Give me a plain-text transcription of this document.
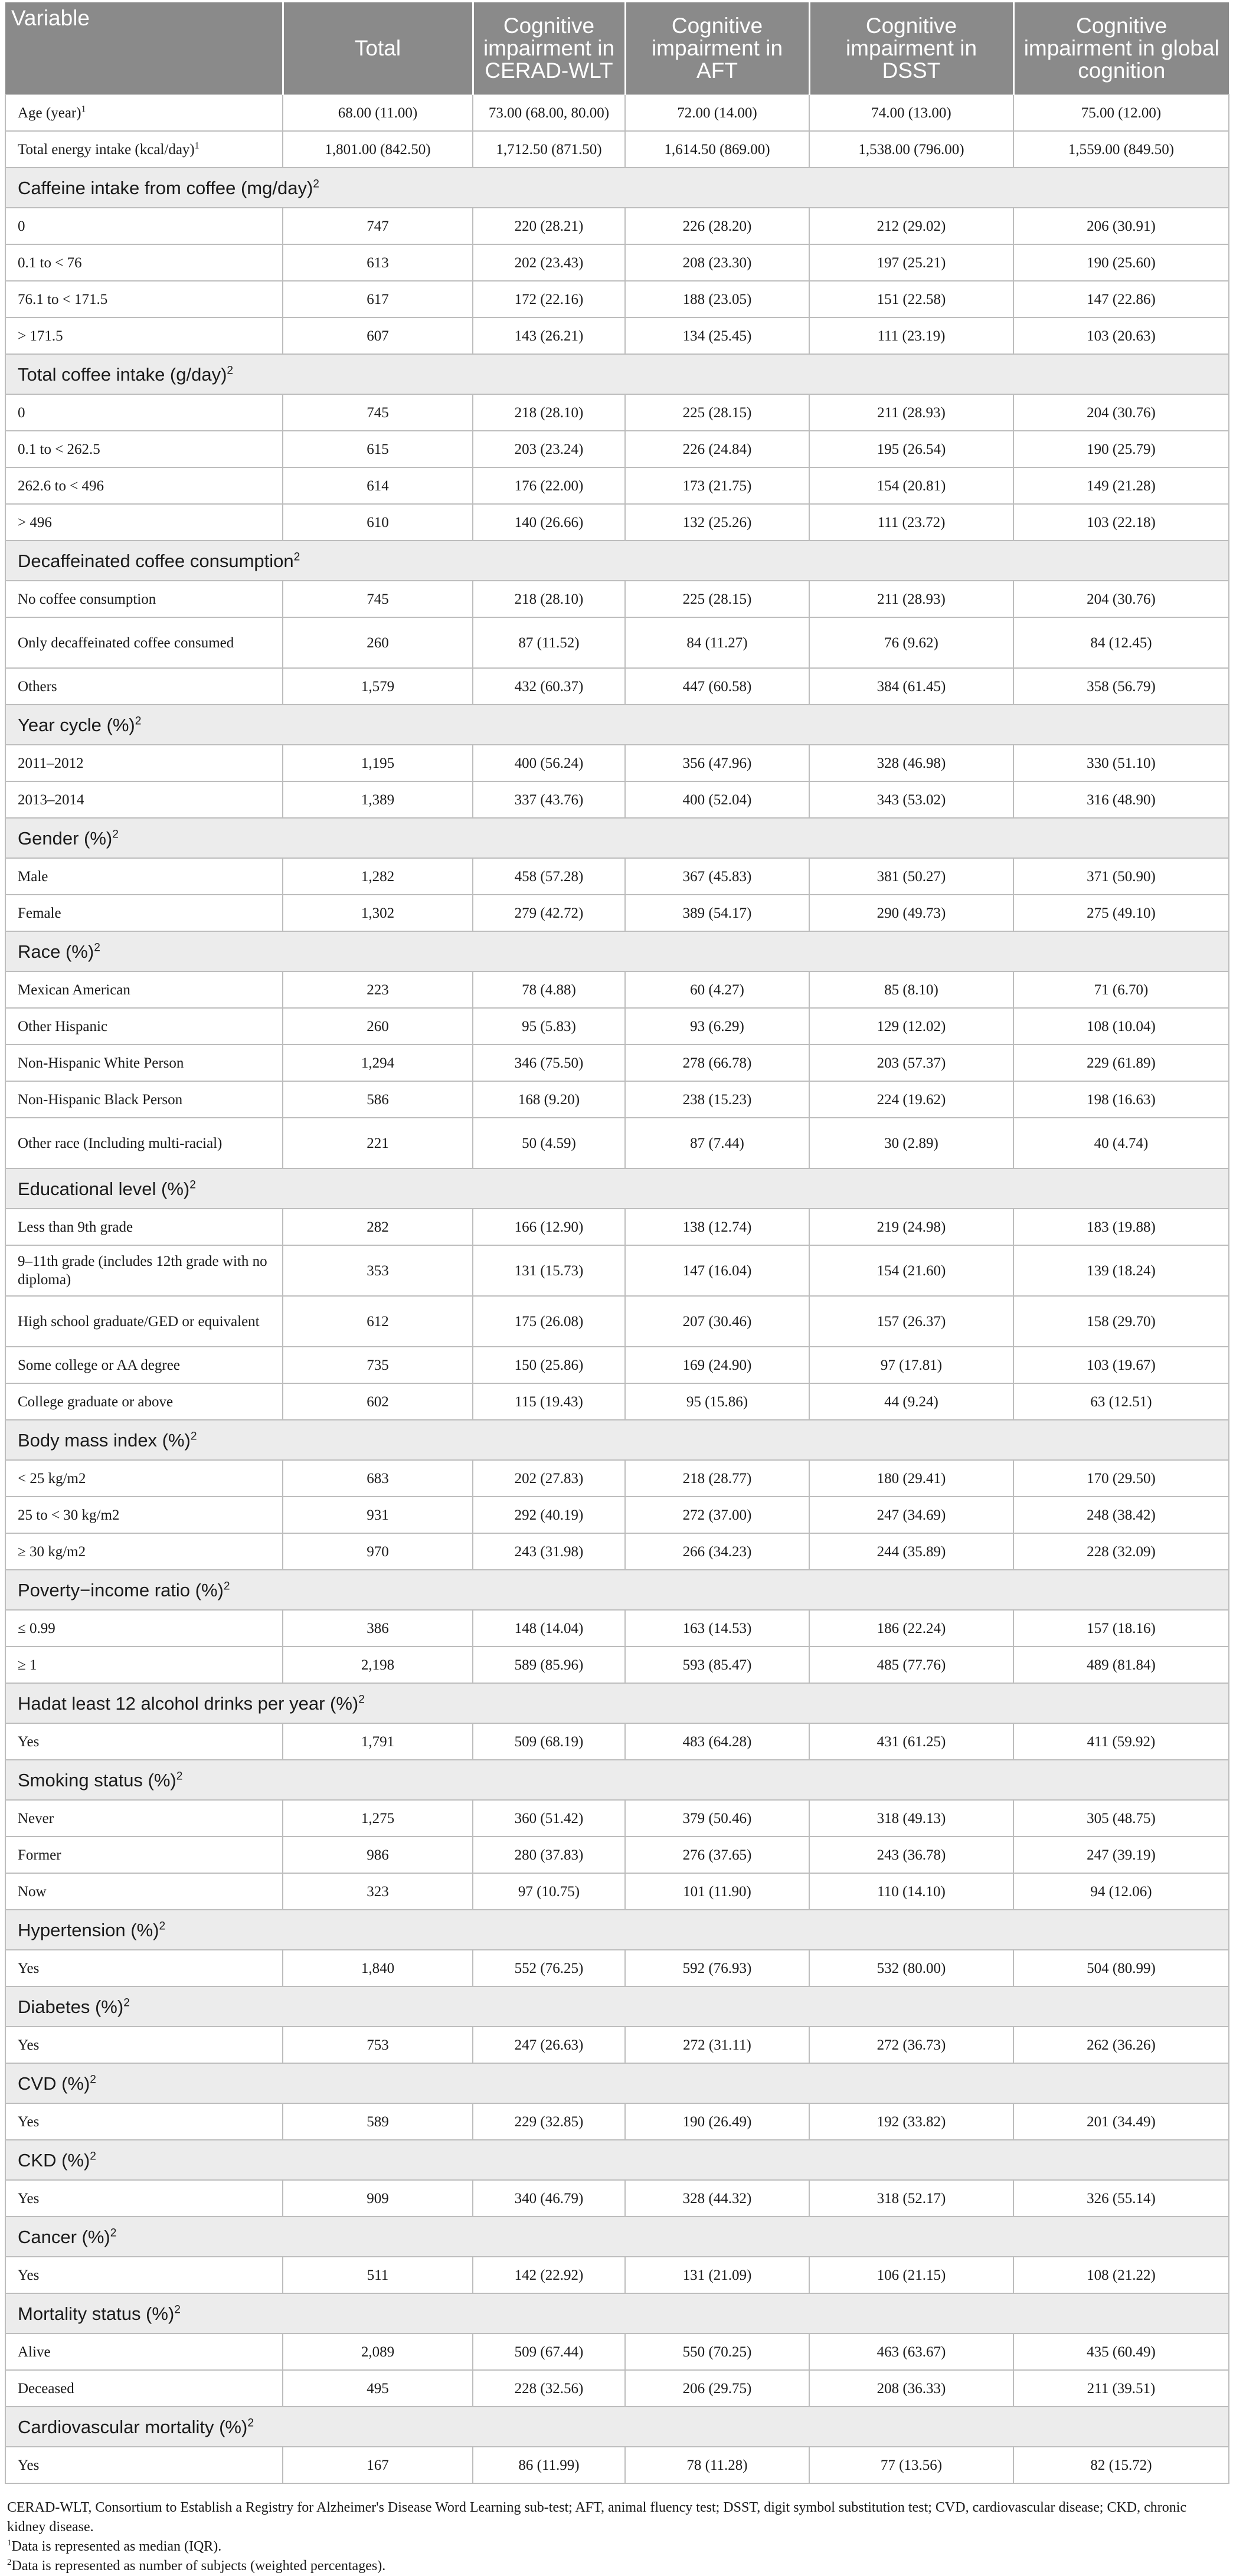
Variable	Total	Cognitive impairment in CERAD-WLT	Cognitive impairment in AFT	Cognitive impairment in DSST	Cognitive impairment in global cognition
Age (year)$^1$	68.00 (11.00)	73.00 (68.00, 80.00)	72.00 (14.00)	74.00 (13.00)	75.00 (12.00)
Total energy intake (kcal/day)$^1$	1,801.00 (842.50)	1,712.50 (871.50)	1,614.50 (869.00)	1,538.00 (796.00)	1,559.00 (849.50)
Caffeine intake from coffee $(mg/day)^2$
0	747	220 (28.21)	226 (28.20)	212 (29.02)	206 (30.91)
0.1 to < 76	613	202 (23.43)	208 (23.30)	197 (25.21)	190 (25.60)
76.1 to < 171.5	617	172 (22.16)	188 (23.05)	151 (22.58)	147 (22.86)
> 171.5	607	143 (26.21)	134 (25.45)	111 (23.19)	103 (20.63)
Total coffee intake $(g/day)^2$
0	745	218 (28.10)	225 (28.15)	211 (28.93)	204 (30.76)
0.1 to < 262.5	615	203 (23.24)	226 (24.84)	195 (26.54)	190 (25.79)
262.6 to < 496	614	176 (22.00)	173 (21.75)	154 (20.81)	149 (21.28)
> 496	610	140 (26.66)	132 (25.26)	111 (23.72)	103 (22.18)
Decaffeinated coffee consumption$^2$
No coffee consumption	745	218 (28.10)	225 (28.15)	211 (28.93)	204 (30.76)
Only decaffeinated coffee consumed	260	87 (11.52)	84 (11.27)	76 (9.62)	84 (12.45)
Others	1,579	432 (60.37)	447 (60.58)	384 (61.45)	358 (56.79)
Year cycle (%)$^2$
2011–2012	1,195	400 (56.24)	356 (47.96)	328 (46.98)	330 (51.10)
2013–2014	1,389	337 (43.76)	400 (52.04)	343 (53.02)	316 (48.90)
Gender (%)$^2$
Male	1,282	458 (57.28)	367 (45.83)	381 (50.27)	371 (50.90)
Female	1,302	279 (42.72)	389 (54.17)	290 (49.73)	275 (49.10)
Race (%)$^2$
Mexican American	223	78 (4.88)	60 (4.27)	85 (8.10)	71 (6.70)
Other Hispanic	260	95 (5.83)	93 (6.29)	129 (12.02)	108 (10.04)
Non-Hispanic White Person	1,294	346 (75.50)	278 (66.78)	203 (57.37)	229 (61.89)
Non-Hispanic Black Person	586	168 (9.20)	238 (15.23)	224 (19.62)	198 (16.63)
Other race (Including multi-racial)	221	50 (4.59)	87 (7.44)	30 (2.89)	40 (4.74)
Educational level (%)$^2$
Less than 9th grade	282	166 (12.90)	138 (12.74)	219 (24.98)	183 (19.88)
9–11th grade (includes 12th grade with no diploma)	353	131 (15.73)	147 (16.04)	154 (21.60)	139 (18.24)
High school graduate/GED or equivalent	612	175 (26.08)	207 (30.46)	157 (26.37)	158 (29.70)
Some college or AA degree	735	150 (25.86)	169 (24.90)	97 (17.81)	103 (19.67)
College graduate or above	602	115 (19.43)	95 (15.86)	44 (9.24)	63 (12.51)
Body mass index (%)$^2$
< 25 kg/m2	683	202 (27.83)	218 (28.77)	180 (29.41)	170 (29.50)
25 to < 30 kg/m2	931	292 (40.19)	272 (37.00)	247 (34.69)	248 (38.42)
≥ 30 kg/m2	970	243 (31.98)	266 (34.23)	244 (35.89)	228 (32.09)
Poverty−income ratio (%)$^2$
≤ 0.99	386	148 (14.04)	163 (14.53)	186 (22.24)	157 (18.16)
≥ 1	2,198	589 (85.96)	593 (85.47)	485 (77.76)	489 (81.84)
Hadat least 12 alcohol drinks per year (%)$^2$
Yes	1,791	509 (68.19)	483 (64.28)	431 (61.25)	411 (59.92)
Smoking status (%)$^2$
Never	1,275	360 (51.42)	379 (50.46)	318 (49.13)	305 (48.75)
Former	986	280 (37.83)	276 (37.65)	243 (36.78)	247 (39.19)
Now	323	97 (10.75)	101 (11.90)	110 (14.10)	94 (12.06)
Hypertension (%)$^2$
Yes	1,840	552 (76.25)	592 (76.93)	532 (80.00)	504 (80.99)
Diabetes (%)$^2$
Yes	753	247 (26.63)	272 (31.11)	272 (36.73)	262 (36.26)
CVD (%)$^2$
Yes	589	229 (32.85)	190 (26.49)	192 (33.82)	201 (34.49)
CKD (%)$^2$
Yes	909	340 (46.79)	328 (44.32)	318 (52.17)	326 (55.14)
Cancer (%)$^2$
Yes	511	142 (22.92)	131 (21.09)	106 (21.15)	108 (21.22)
Mortality status (%)$^2$
Alive	2,089	509 (67.44)	550 (70.25)	463 (63.67)	435 (60.49)
Deceased	495	228 (32.56)	206 (29.75)	208 (36.33)	211 (39.51)
Cardiovascular mortality (%)$^2$
Yes	167	86 (11.99)	78 (11.28)	77 (13.56)	82 (15.72)

CERAD-WLT, Consortium to Establish a Registry for Alzheimer's Disease Word Learning sub-test; AFT, animal fluency test; DSST, digit symbol substitution test; CVD, cardiovascular disease; CKD, chronic kidney disease.

$^1$Data is represented as median (IQR).

$^2$Data is represented as number of subjects (weighted percentages).
